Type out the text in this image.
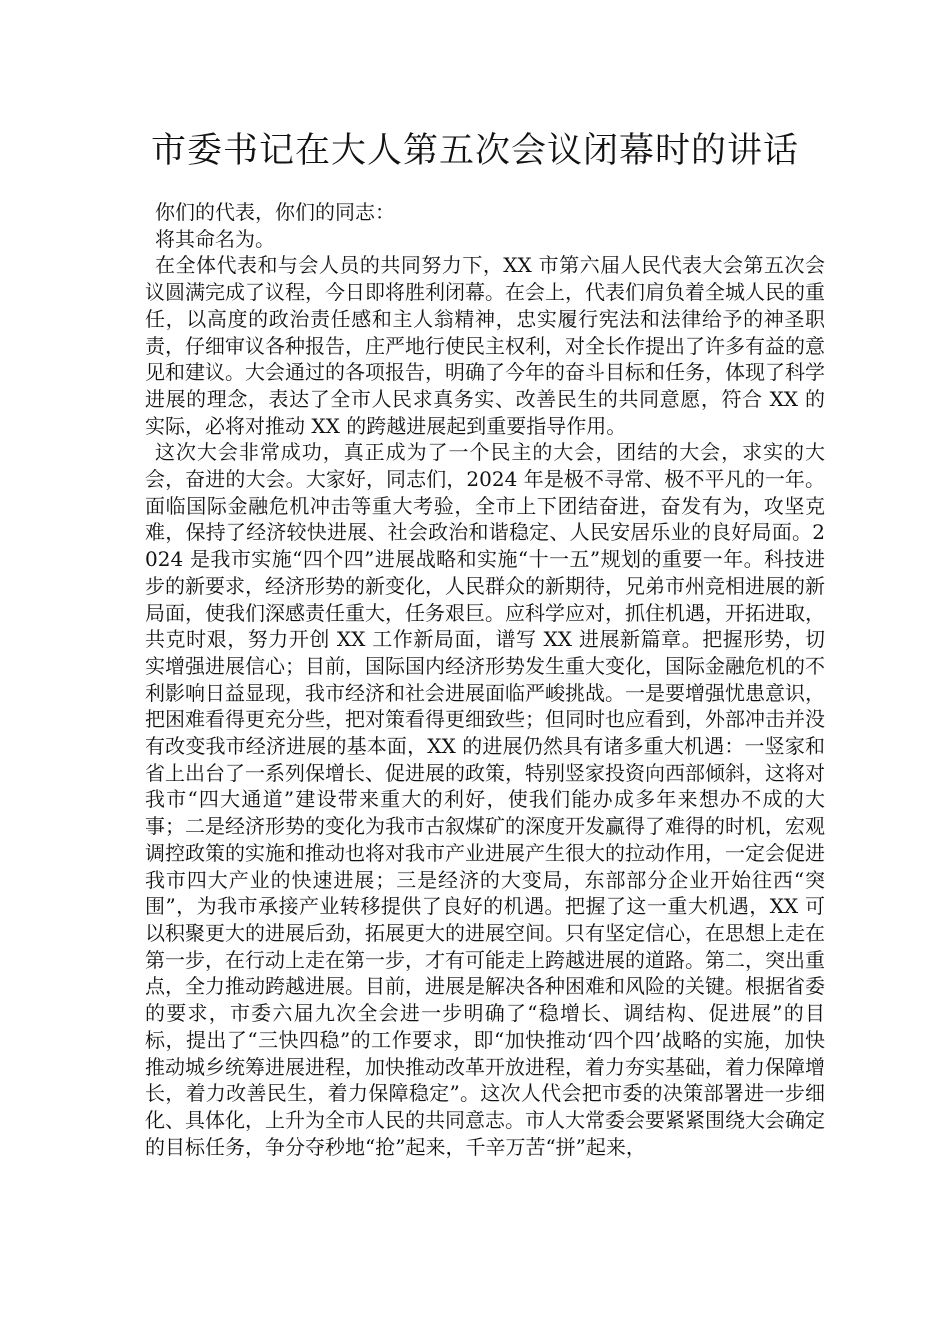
市委书记在大人第五次会议闭幕时的讲话

你们的代表，你们的同志：

将其命名为。

在全体代表和与会人员的共同努力下，XX 市第六届人民代表大会第五次会议圆满完成了议程，今日即将胜利闭幕。在会上，代表们肩负着全城人民的重任，以高度的政治责任感和主人翁精神，忠实履行宪法和法律给予的神圣职责，仔细审议各种报告，庄严地行使民主权利，对全长作提出了许多有益的意见和建议。大会通过的各项报告，明确了今年的奋斗目标和任务，体现了科学进展的理念，表达了全市人民求真务实、改善民生的共同意愿，符合 XX 的实际，必将对推动 XX 的跨越进展起到重要指导作用。

这次大会非常成功，真正成为了一个民主的大会，团结的大会，求实的大会，奋进的大会。大家好，同志们，2024 年是极不寻常、极不平凡的一年。面临国际金融危机冲击等重大考验，全市上下团结奋进，奋发有为，攻坚克难，保持了经济较快进展、社会政治和谐稳定、人民安居乐业的良好局面。2024 是我市实施“四个四”进展战略和实施“十一五”规划的重要一年。科技进步的新要求，经济形势的新变化，人民群众的新期待，兄弟市州竞相进展的新局面，使我们深感责任重大，任务艰巨。应科学应对，抓住机遇，开拓进取，共克时艰，努力开创 XX 工作新局面，谱写 XX 进展新篇章。把握形势，切实增强进展信心；目前，国际国内经济形势发生重大变化，国际金融危机的不利影响日益显现，我市经济和社会进展面临严峻挑战。一是要增强忧患意识，把困难看得更充分些，把对策看得更细致些；但同时也应看到，外部冲击并没有改变我市经济进展的基本面，XX 的进展仍然具有诸多重大机遇：一竖家和省上出台了一系列保增长、促进展的政策，特别竖家投资向西部倾斜，这将对我市“四大通道”建设带来重大的利好，使我们能办成多年来想办不成的大事；二是经济形势的变化为我市古叙煤矿的深度开发赢得了难得的时机，宏观调控政策的实施和推动也将对我市产业进展产生很大的拉动作用，一定会促进我市四大产业的快速进展；三是经济的大变局，东部部分企业开始往西“突围”，为我市承接产业转移提供了良好的机遇。把握了这一重大机遇，XX 可以积聚更大的进展后劲，拓展更大的进展空间。只有坚定信心，在思想上走在第一步，在行动上走在第一步，才有可能走上跨越进展的道路。第二，突出重点，全力推动跨越进展。目前，进展是解决各种困难和风险的关键。根据省委的要求，市委六届九次全会进一步明确了“稳增长、调结构、促进展”的目标，提出了“三快四稳”的工作要求，即“加快推动‘四个四’战略的实施，加快推动城乡统筹进展进程，加快推动改革开放进程，着力夯实基础，着力保障增长，着力改善民生，着力保障稳定”。这次人代会把市委的决策部署进一步细化、具体化，上升为全市人民的共同意志。市人大常委会要紧紧围绕大会确定的目标任务，争分夺秒地“抢”起来，千辛万苦“拼”起来，
